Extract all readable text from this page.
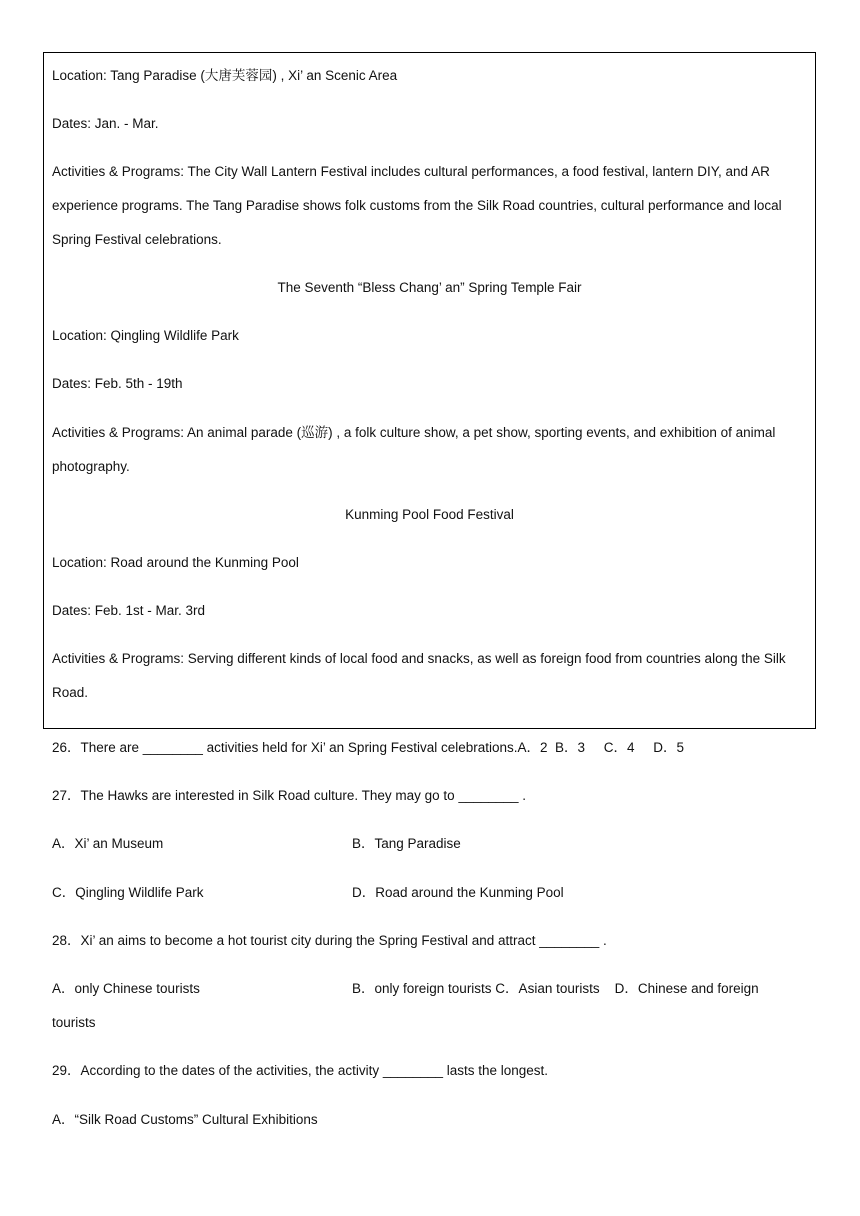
Location: Tang Paradise (大唐芙蓉园) , Xi’ an Scenic Area
Dates: Jan. - Mar.
Activities & Programs: The City Wall Lantern Festival includes cultural performances, a food festival, lantern DIY, and AR
experience programs. The Tang Paradise shows folk customs from the Silk Road countries, cultural performance and local
Spring Festival celebrations.
The Seventh “Bless Chang’ an” Spring Temple Fair
Location: Qingling Wildlife Park
Dates: Feb. 5th - 19th
Activities & Programs: An animal parade (巡游) , a folk culture show, a pet show, sporting events, and exhibition of animal
photography.
Kunming Pool Food Festival
Location: Road around the Kunming Pool
Dates: Feb. 1st - Mar. 3rd
Activities & Programs: Serving different kinds of local food and snacks, as well as foreign food from countries along the Silk
Road.
26．There are ________ activities held for Xi’ an Spring Festival celebrations.A．2  B．3     C．4     D．5
27．The Hawks are interested in Silk Road culture. They may go to ________ .
A．Xi’ an Museum	B．Tang Paradise
C．Qingling Wildlife Park	D．Road around the Kunming Pool
28．Xi’ an aims to become a hot tourist city during the Spring Festival and attract ________ .
A．only Chinese tourists	B．only foreign tourists C．Asian tourists    D．Chinese and foreign
tourists
29．According to the dates of the activities, the activity ________ lasts the longest.
A．“Silk Road Customs” Cultural Exhibitions
